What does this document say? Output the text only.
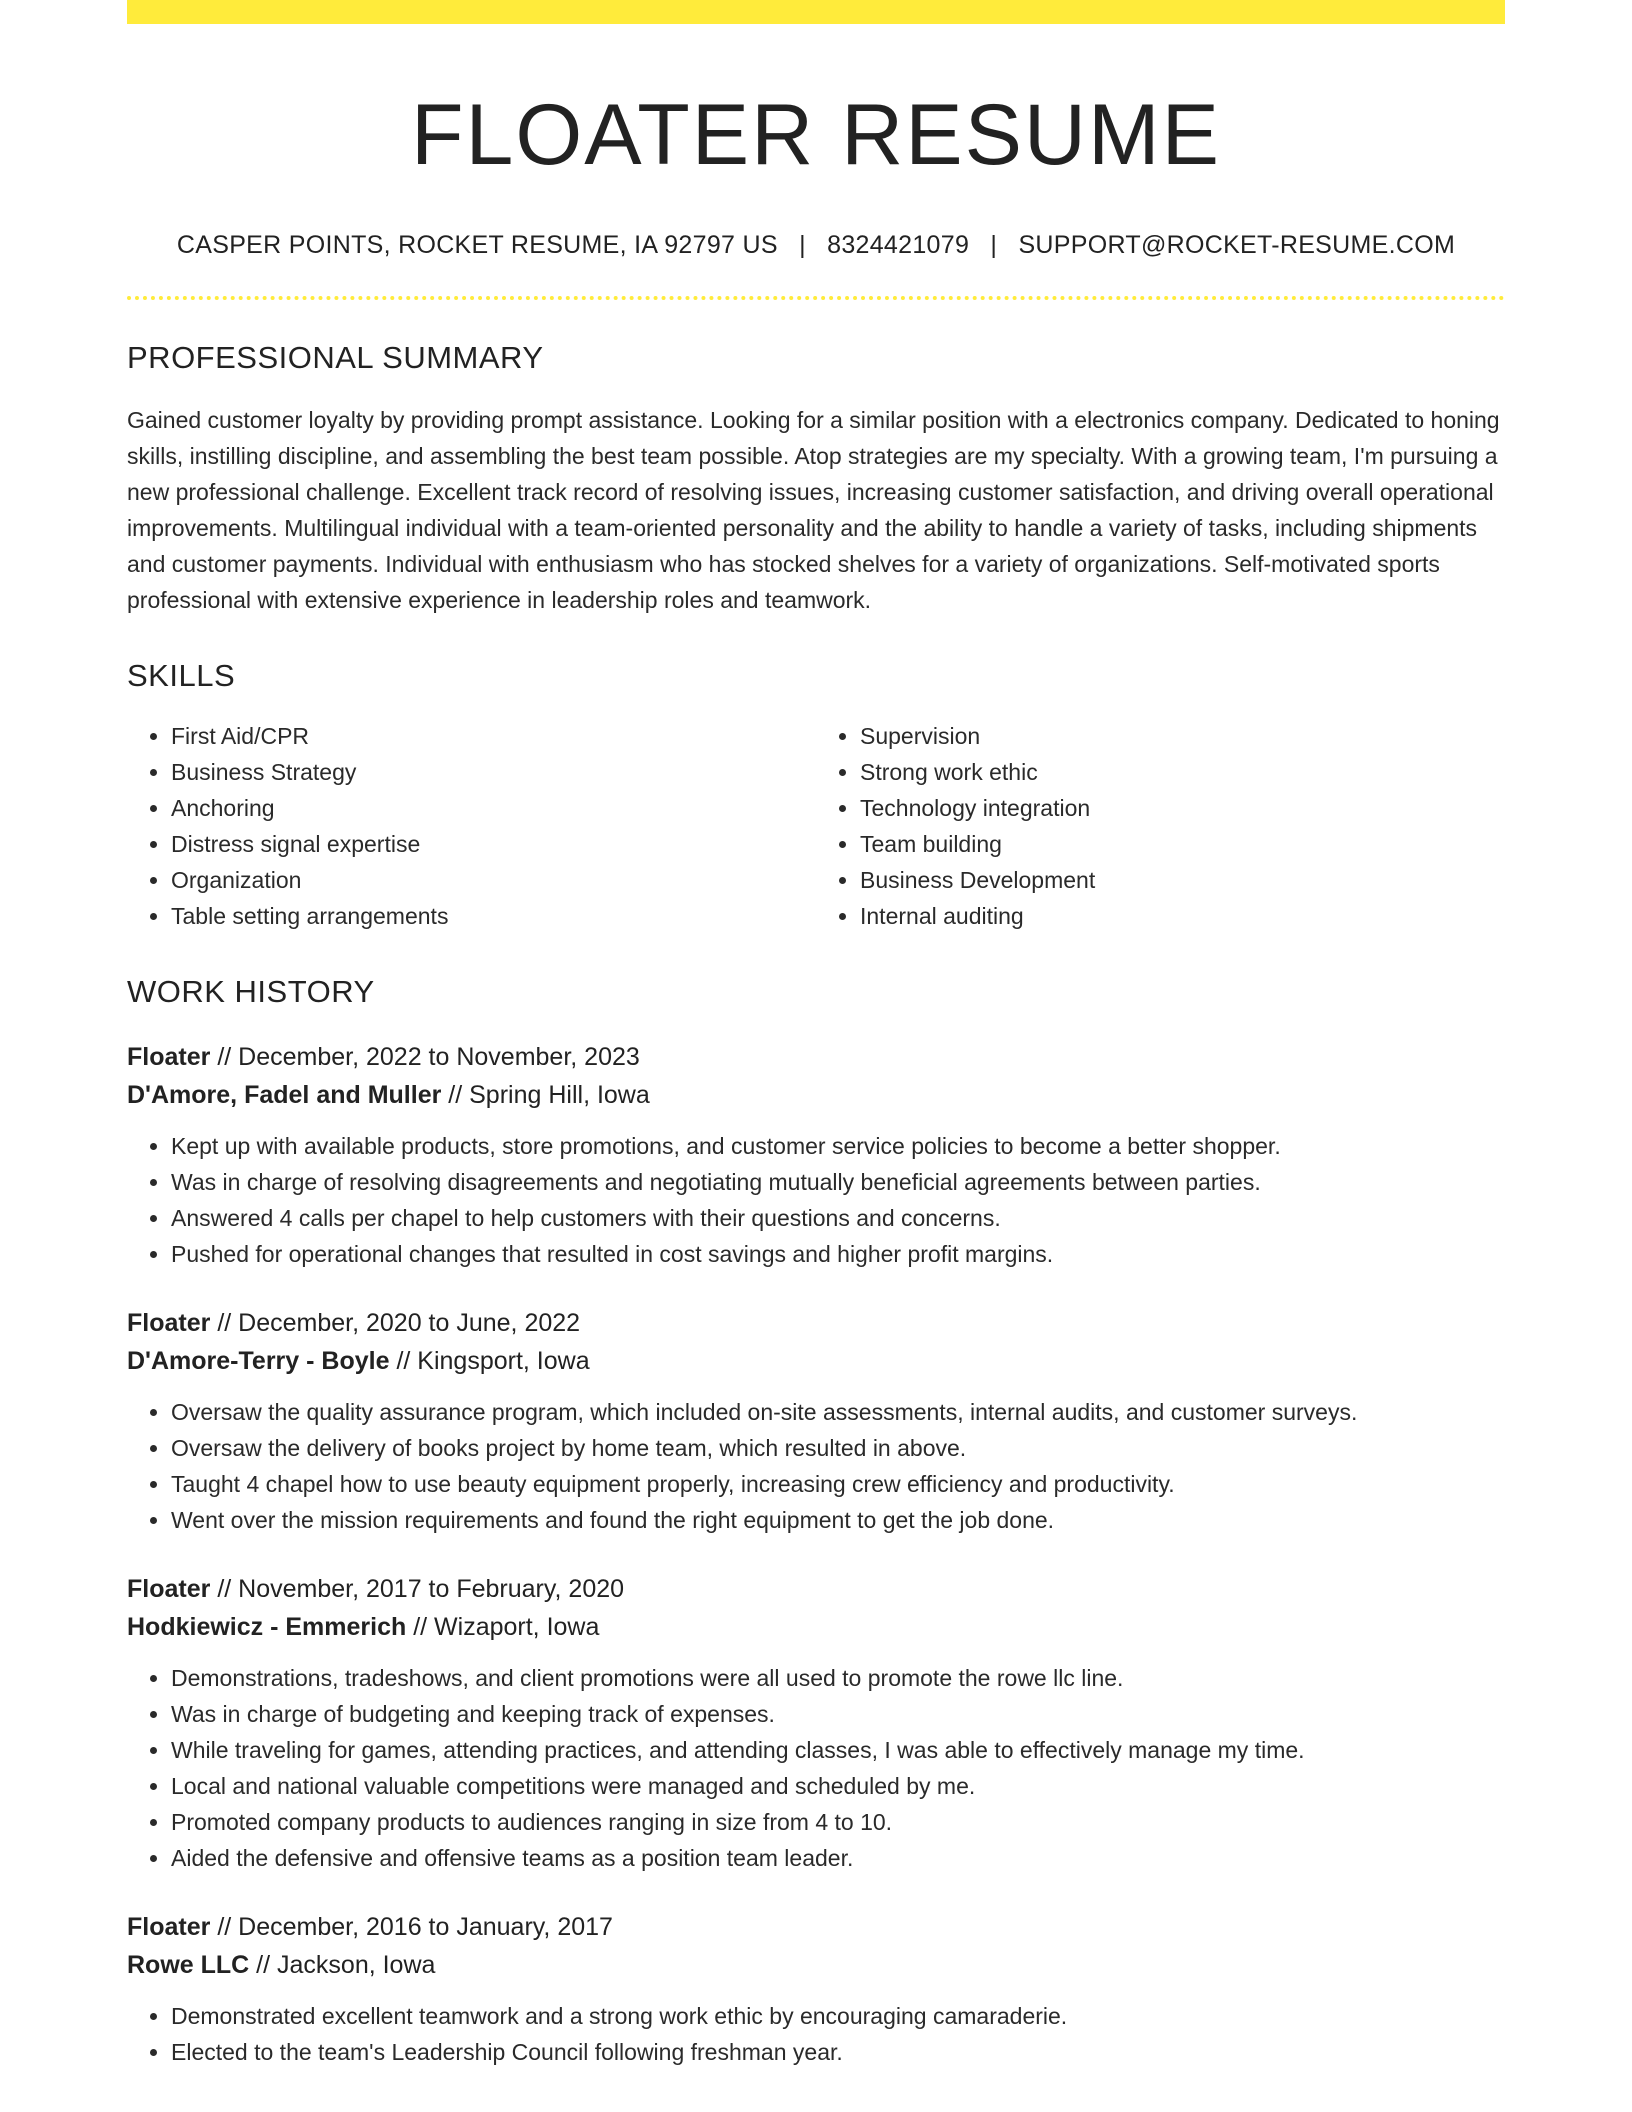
FLOATER RESUME
CASPER POINTS, ROCKET RESUME, IA 92797 US | 8324421079 | SUPPORT@ROCKET-RESUME.COM
PROFESSIONAL SUMMARY
Gained customer loyalty by providing prompt assistance. Looking for a similar position with a electronics company. Dedicated to honing skills, instilling discipline, and assembling the best team possible. Atop strategies are my specialty. With a growing team, I'm pursuing a new professional challenge. Excellent track record of resolving issues, increasing customer satisfaction, and driving overall operational improvements. Multilingual individual with a team-oriented personality and the ability to handle a variety of tasks, including shipments and customer payments. Individual with enthusiasm who has stocked shelves for a variety of organizations. Self-motivated sports professional with extensive experience in leadership roles and teamwork.
SKILLS
• First Aid/CPR
• Business Strategy
• Anchoring
• Distress signal expertise
• Organization
• Table setting arrangements
• Supervision
• Strong work ethic
• Technology integration
• Team building
• Business Development
• Internal auditing
WORK HISTORY
Floater // December, 2022 to November, 2023
D'Amore, Fadel and Muller // Spring Hill, Iowa
• Kept up with available products, store promotions, and customer service policies to become a better shopper.
• Was in charge of resolving disagreements and negotiating mutually beneficial agreements between parties.
• Answered 4 calls per chapel to help customers with their questions and concerns.
• Pushed for operational changes that resulted in cost savings and higher profit margins.
Floater // December, 2020 to June, 2022
D'Amore-Terry - Boyle // Kingsport, Iowa
• Oversaw the quality assurance program, which included on-site assessments, internal audits, and customer surveys.
• Oversaw the delivery of books project by home team, which resulted in above.
• Taught 4 chapel how to use beauty equipment properly, increasing crew efficiency and productivity.
• Went over the mission requirements and found the right equipment to get the job done.
Floater // November, 2017 to February, 2020
Hodkiewicz - Emmerich // Wizaport, Iowa
• Demonstrations, tradeshows, and client promotions were all used to promote the rowe llc line.
• Was in charge of budgeting and keeping track of expenses.
• While traveling for games, attending practices, and attending classes, I was able to effectively manage my time.
• Local and national valuable competitions were managed and scheduled by me.
• Promoted company products to audiences ranging in size from 4 to 10.
• Aided the defensive and offensive teams as a position team leader.
Floater // December, 2016 to January, 2017
Rowe LLC // Jackson, Iowa
• Demonstrated excellent teamwork and a strong work ethic by encouraging camaraderie.
• Elected to the team's Leadership Council following freshman year.
